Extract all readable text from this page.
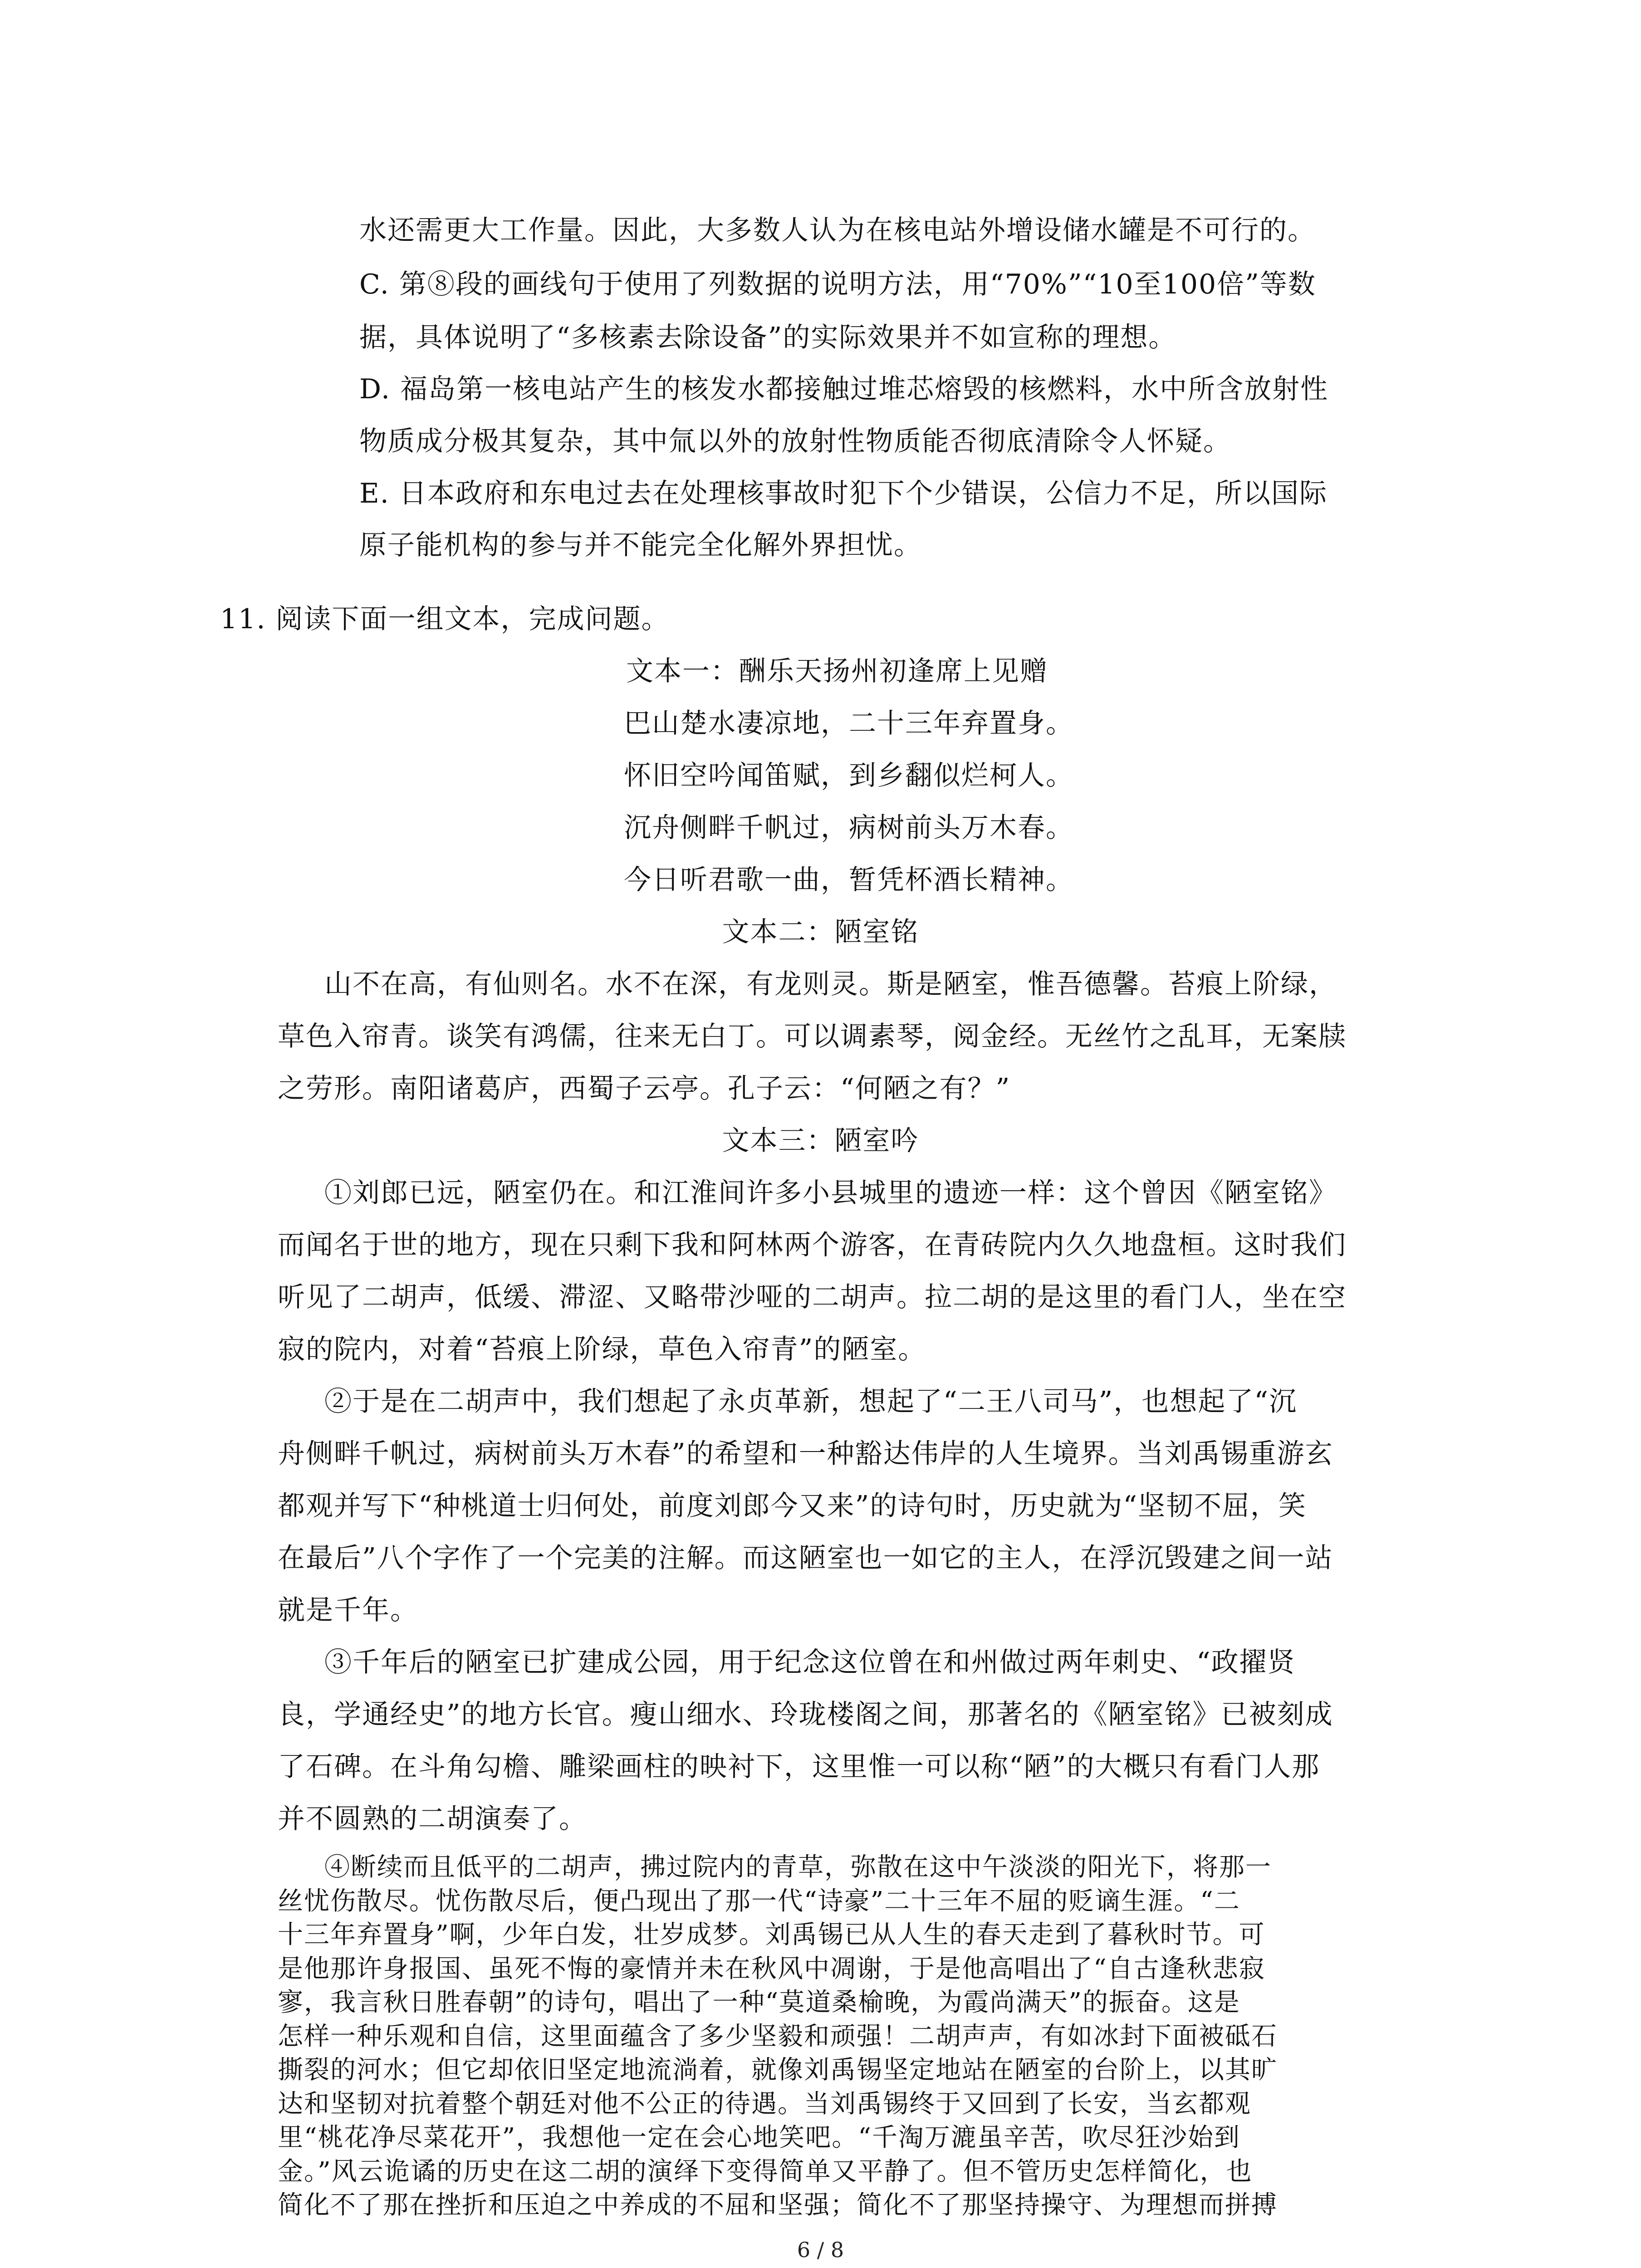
水还需更大工作量。因此，大多数人认为在核电站外增设储水罐是不可行的。
C. 第⑧段的画线句于使用了列数据的说明方法，用“70%”“10至100倍”等数
据，具体说明了“多核素去除设备”的实际效果并不如宣称的理想。
D. 福岛第一核电站产生的核发水都接触过堆芯熔毁的核燃料，水中所含放射性
物质成分极其复杂，其中氚以外的放射性物质能否彻底清除令人怀疑。
E. 日本政府和东电过去在处理核事故时犯下个少错误，公信力不足，所以国际
原子能机构的参与并不能完全化解外界担忧。
11. 阅读下面一组文本，完成问题。
文本一：酬乐天扬州初逢席上见赠
巴山楚水凄凉地，二十三年弃置身。
怀旧空吟闻笛赋，到乡翻似烂柯人。
沉舟侧畔千帆过，病树前头万木春。
今日听君歌一曲，暂凭杯酒长精神。
文本二：陋室铭
山不在高，有仙则名。水不在深，有龙则灵。斯是陋室，惟吾德馨。苔痕上阶绿，
草色入帘青。谈笑有鸿儒，往来无白丁。可以调素琴，阅金经。无丝竹之乱耳，无案牍
之劳形。南阳诸葛庐，西蜀子云亭。孔子云：“何陋之有？”
文本三：陋室吟
①刘郎已远，陋室仍在。和江淮间许多小县城里的遗迹一样：这个曾因《陋室铭》
而闻名于世的地方，现在只剩下我和阿林两个游客，在青砖院内久久地盘桓。这时我们
听见了二胡声，低缓、滞涩、又略带沙哑的二胡声。拉二胡的是这里的看门人，坐在空
寂的院内，对着“苔痕上阶绿，草色入帘青”的陋室。
②于是在二胡声中，我们想起了永贞革新，想起了“二王八司马”，也想起了“沉
舟侧畔千帆过，病树前头万木春”的希望和一种豁达伟岸的人生境界。当刘禹锡重游玄
都观并写下“种桃道士归何处，前度刘郎今又来”的诗句时，历史就为“坚韧不屈，笑
在最后”八个字作了一个完美的注解。而这陋室也一如它的主人，在浮沉毁建之间一站
就是千年。
③千年后的陋室已扩建成公园，用于纪念这位曾在和州做过两年刺史、“政擢贤
良，学通经史”的地方长官。瘦山细水、玲珑楼阁之间，那著名的《陋室铭》已被刻成
了石碑。在斗角勾檐、雕梁画柱的映衬下，这里惟一可以称“陋”的大概只有看门人那
并不圆熟的二胡演奏了。
④断续而且低平的二胡声，拂过院内的青草，弥散在这中午淡淡的阳光下，将那一
丝忧伤散尽。忧伤散尽后，便凸现出了那一代“诗豪”二十三年不屈的贬谪生涯。“二
十三年弃置身”啊，少年白发，壮岁成梦。刘禹锡已从人生的春天走到了暮秋时节。可
是他那许身报国、虽死不悔的豪情并未在秋风中凋谢，于是他高唱出了“自古逢秋悲寂
寥，我言秋日胜春朝”的诗句，唱出了一种“莫道桑榆晚，为霞尚满天”的振奋。这是
怎样一种乐观和自信，这里面蕴含了多少坚毅和顽强！二胡声声，有如冰封下面被砥石
撕裂的河水；但它却依旧坚定地流淌着，就像刘禹锡坚定地站在陋室的台阶上，以其旷
6 / 8
达和坚韧对抗着整个朝廷对他不公正的待遇。当刘禹锡终于又回到了长安，当玄都观
里“桃花净尽菜花开”，我想他一定在会心地笑吧。“千淘万漉虽辛苦，吹尽狂沙始到
金。”风云诡谲的历史在这二胡的演绎下变得简单又平静了。但不管历史怎样简化，也
简化不了那在挫折和压迫之中养成的不屈和坚强；简化不了那坚持操守、为理想而拼搏
